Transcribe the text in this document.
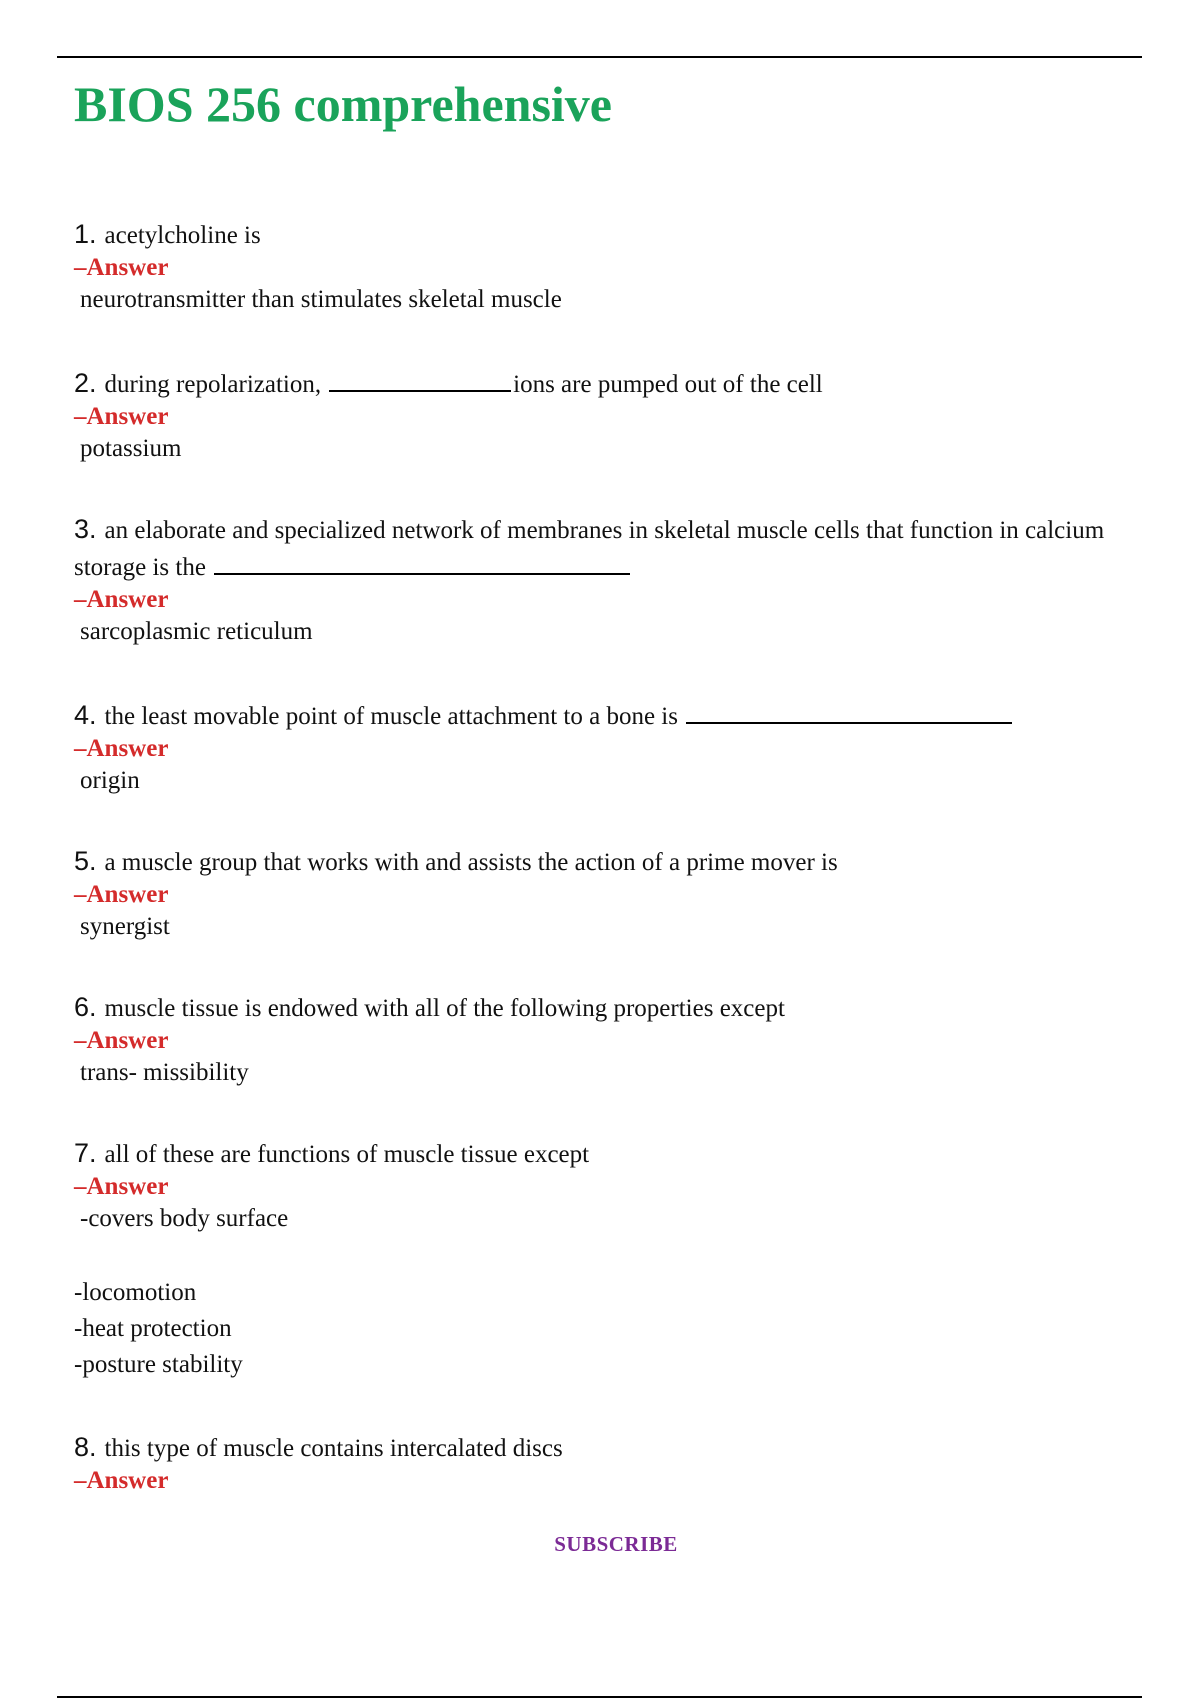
BIOS 256 comprehensive

1. acetylcholine is

–Answer

neurotransmitter than stimulates skeletal muscle

2. during repolarization,	ions are pumped out of the cell

–Answer

potassium

3. an elaborate and specialized network of membranes in skeletal muscle cells that function in calcium storage is the

–Answer

sarcoplasmic reticulum

4. the least movable point of muscle attachment to a bone is

–Answer

origin

5. a muscle group that works with and assists the action of a prime mover is

–Answer

synergist

6. muscle tissue is endowed with all of the following properties except

–Answer

trans- missibility

7. all of these are functions of muscle tissue except

–Answer

-covers body surface

-locomotion

-heat protection

-posture stability

8. this type of muscle contains intercalated discs

–Answer

SUBSCRIBE
